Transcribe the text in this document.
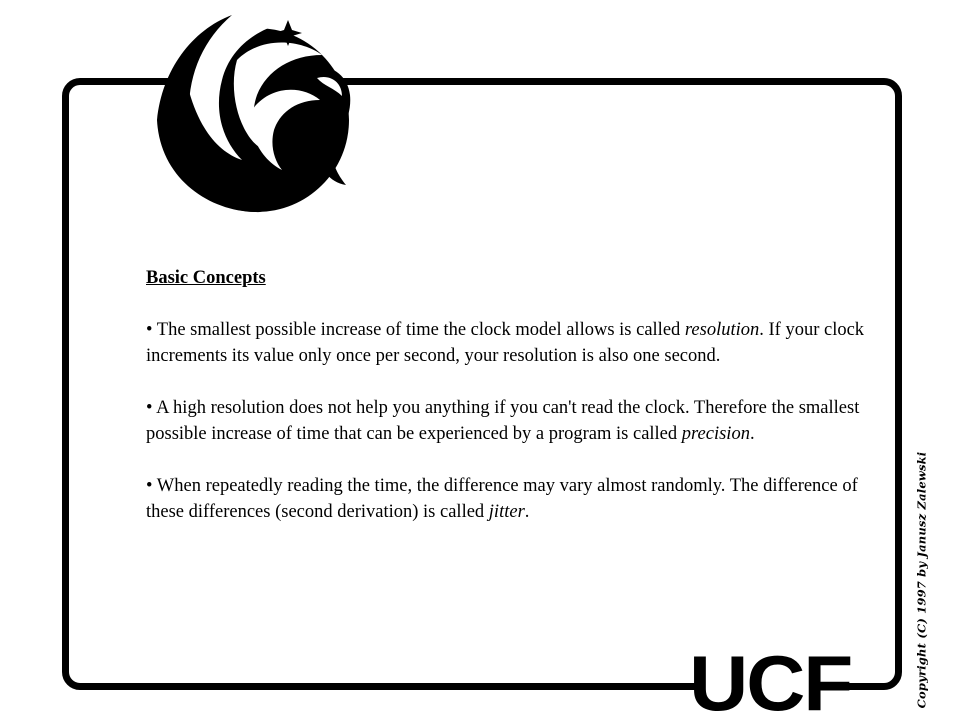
Basic Concepts

• The smallest possible increase of time the clock model allows is called resolution. If your clock increments its value only once per second, your resolution is also one second.

• A high resolution does not help you anything if you can't read the clock. Therefore the smallest possible increase of time that can be experienced by a program is called precision.

• When repeatedly reading the time, the difference may vary almost randomly. The difference of these differences (second derivation) is called jitter.	Copyright (C) 1997 by Janusz Zalewski
UCF
